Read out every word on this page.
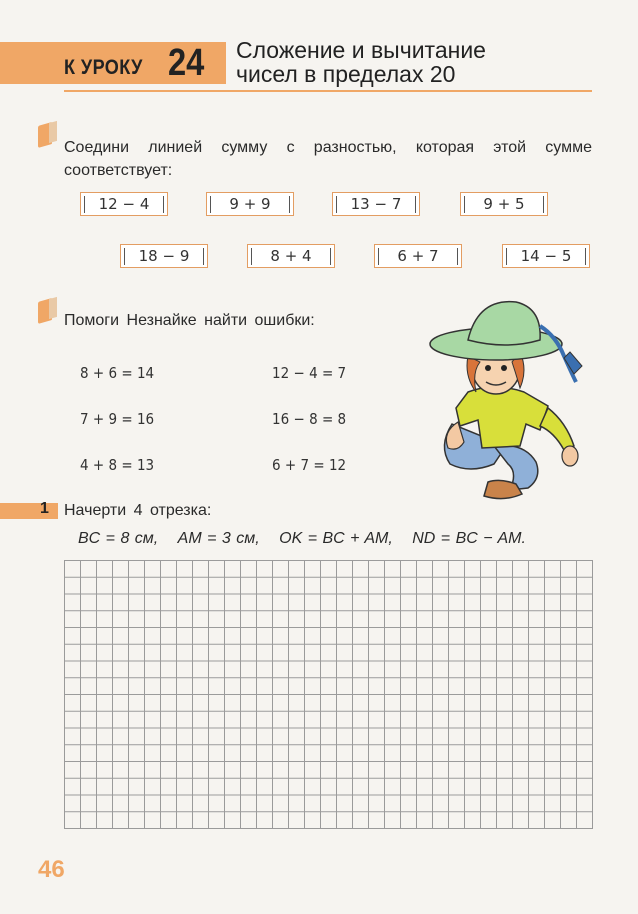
К УРОКУ 24 Сложение и вычитание
чисел в пределах 20
Соедини линией сумму с разностью, которая этой сумме соответствует:
12 − 4	9 + 9	13 − 7	9 + 5
18 − 9	8 + 4	6 + 7	14 − 5
Помоги Незнайке найти ошибки:
8 + 6 = 14
7 + 9 = 16
4 + 8 = 13
12 − 4 = 7
16 − 8 = 8
6 + 7 = 12
1 Начерти 4 отрезка:
BC = 8 см, AM = 3 см, OK = BC + AM, ND = BC − AM.
46
